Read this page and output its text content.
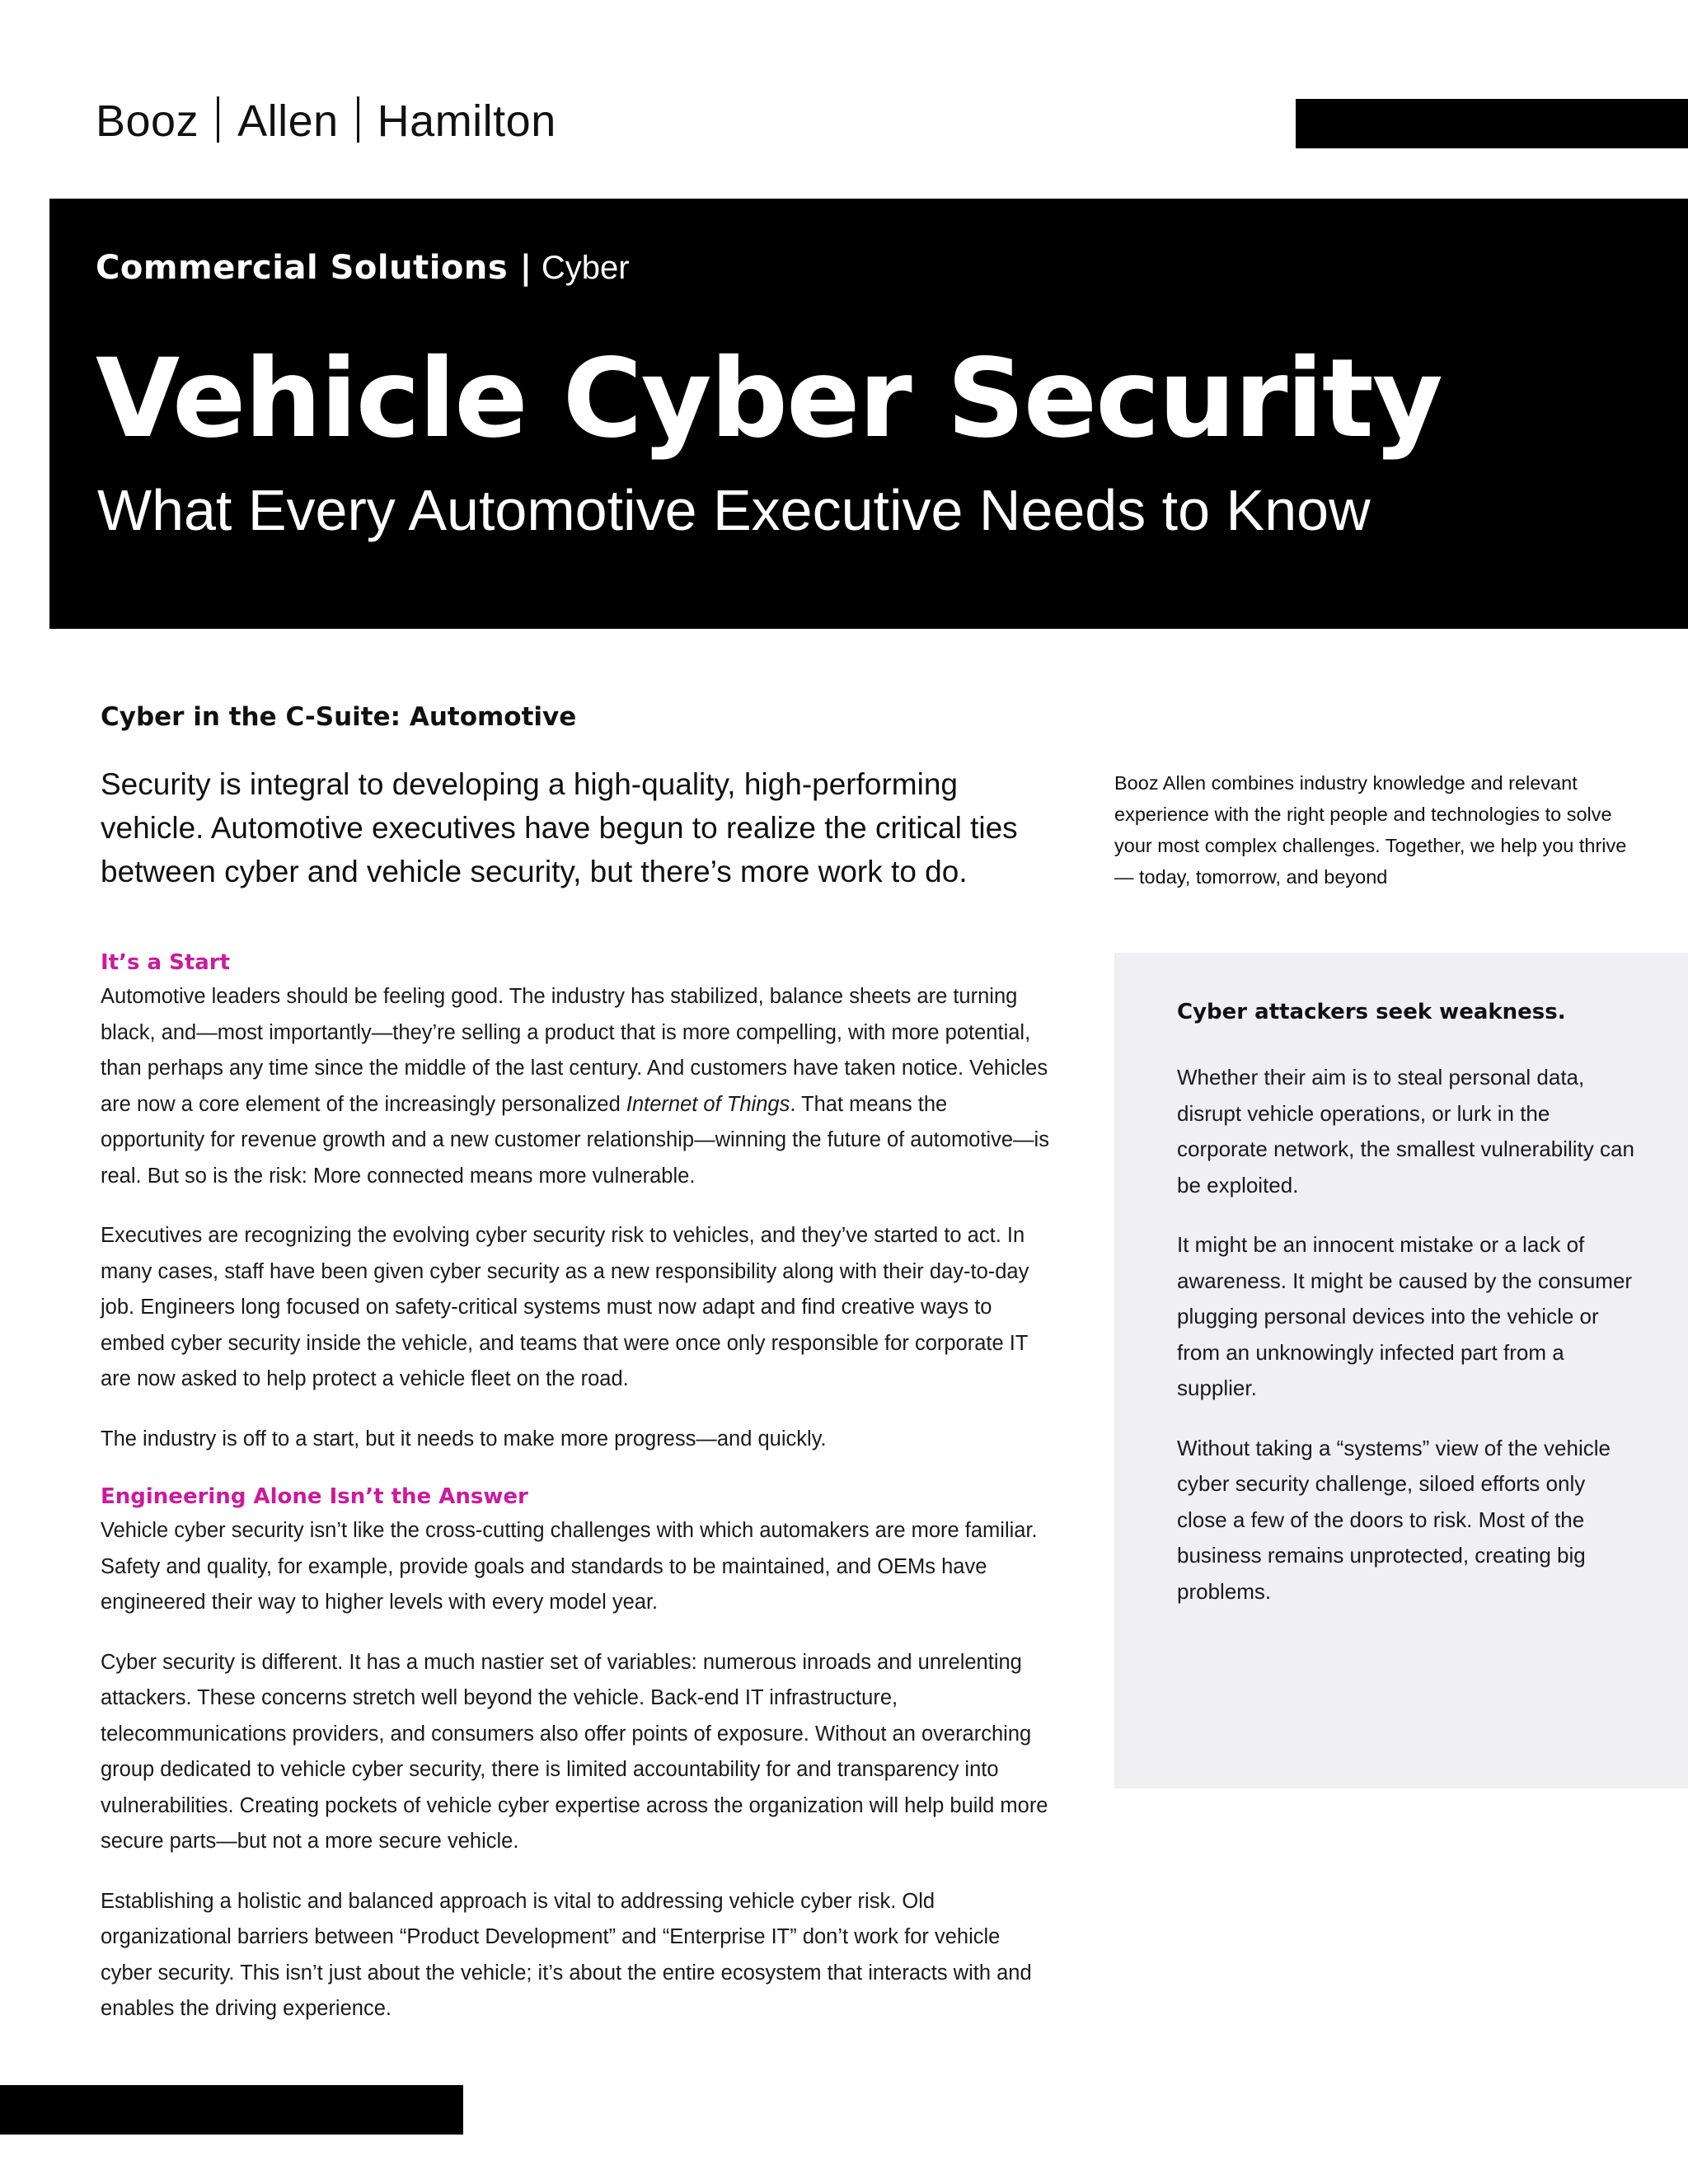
Booz Allen Hamilton
Commercial Solutions | Cyber
Vehicle Cyber Security
What Every Automotive Executive Needs to Know
Cyber in the C-Suite: Automotive
Security is integral to developing a high-quality, high-performing vehicle. Automotive executives have begun to realize the critical ties between cyber and vehicle security, but there’s more work to do.
Booz Allen combines industry knowledge and relevant experience with the right people and technologies to solve your most complex challenges. Together, we help you thrive— today, tomorrow, and beyond
It’s a Start

Automotive leaders should be feeling good. The industry has stabilized, balance sheets are turning black, and—most importantly—they’re selling a product that is more compelling, with more potential, than perhaps any time since the middle of the last century. And customers have taken notice. Vehicles are now a core element of the increasingly personalized Internet of Things. That means the opportunity for revenue growth and a new customer relationship—winning the future of automotive—is real. But so is the risk: More connected means more vulnerable.

Executives are recognizing the evolving cyber security risk to vehicles, and they’ve started to act. In many cases, staff have been given cyber security as a new responsibility along with their day-to-day job. Engineers long focused on safety-critical systems must now adapt and find creative ways to embed cyber security inside the vehicle, and teams that were once only responsible for corporate IT are now asked to help protect a vehicle fleet on the road.

The industry is off to a start, but it needs to make more progress—and quickly.

Engineering Alone Isn’t the Answer

Vehicle cyber security isn’t like the cross-cutting challenges with which automakers are more familiar. Safety and quality, for example, provide goals and standards to be maintained, and OEMs have engineered their way to higher levels with every model year.

Cyber security is different. It has a much nastier set of variables: numerous inroads and unrelenting attackers. These concerns stretch well beyond the vehicle. Back-end IT infrastructure, telecommunications providers, and consumers also offer points of exposure. Without an overarching group dedicated to vehicle cyber security, there is limited accountability for and transparency into vulnerabilities. Creating pockets of vehicle cyber expertise across the organization will help build more secure parts—but not a more secure vehicle.

Establishing a holistic and balanced approach is vital to addressing vehicle cyber risk. Old organizational barriers between “Product Development” and “Enterprise IT” don’t work for vehicle cyber security. This isn’t just about the vehicle; it’s about the entire ecosystem that interacts with and enables the driving experience.

Cyber attackers seek weakness.

Whether their aim is to steal personal data, disrupt vehicle operations, or lurk in the corporate network, the smallest vulnerability can be exploited.

It might be an innocent mistake or a lack of awareness. It might be caused by the consumer plugging personal devices into the vehicle or from an unknowingly infected part from a supplier.

Without taking a “systems” view of the vehicle cyber security challenge, siloed efforts only close a few of the doors to risk. Most of the business remains unprotected, creating big problems.
